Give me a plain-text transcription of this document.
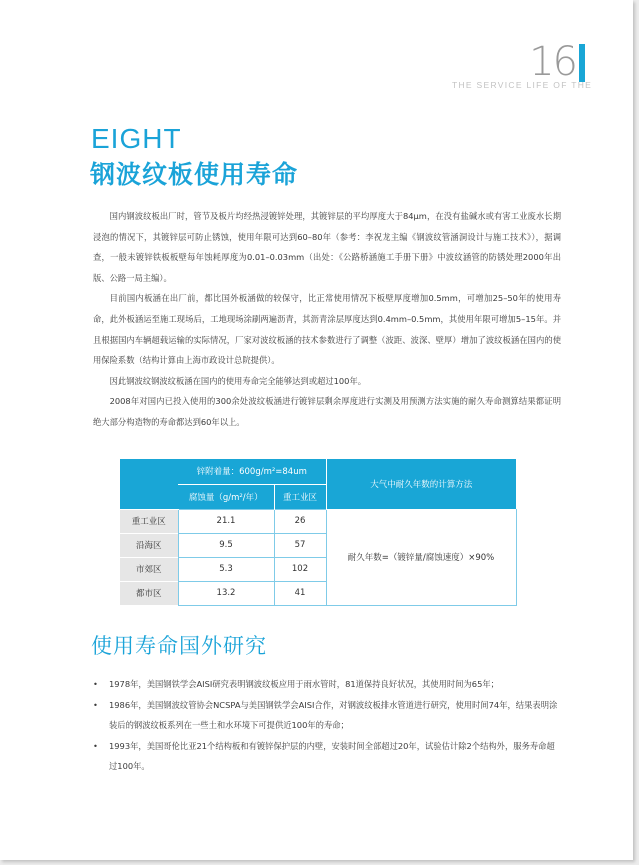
16
THE SERVICE LIFE OF THE
EIGHT
钢波纹板使用寿命

国内钢波纹板出厂时，管节及板片均经热浸镀锌处理，其镀锌层的平均厚度大于84μm，在没有盐碱水或有害工业废水长期浸泡的情况下，其镀锌层可防止锈蚀，使用年限可达到60–80年（参考：李祝龙主编《钢波纹管涵洞设计与施工技术》），据调查，一般未镀锌铁板板壁每年蚀耗厚度为0.01–0.03mm（出处：《公路桥涵施工手册下册》中波纹涵管的防锈处理2000年出版、公路一局主编）。

目前国内板涵在出厂前，都比国外板涵做的较保守，比正常使用情况下板壁厚度增加0.5mm，可增加25–50年的使用寿命，此外板涵运至施工现场后，工地现场涂刷两遍沥青，其沥青涂层厚度达到0.4mm–0.5mm，其使用年限可增加5–15年。并且根据国内车辆超载运输的实际情况，厂家对波纹板涵的技术参数进行了调整（波距、波深、壁厚）增加了波纹板涵在国内的使用保险系数（结构计算由上海市政设计总院提供）。

因此钢波纹钢波纹板涵在国内的使用寿命完全能够达到或超过100年。

2008年对国内已投入使用的300余处波纹板涵进行镀锌层剩余厚度进行实测及用预测方法实施的耐久寿命测算结果都证明绝大部分构造物的寿命都达到60年以上。

	锌附着量：600g/m²=84um		大气中耐久年数的计算方法
	腐蚀量（g/m²/年）	重工业区	
重工业区	21.1	26	耐久年数=（镀锌量/腐蚀速度）×90%
沿海区	9.5	57	
市郊区	5.3	102	
都市区	13.2	41	
使用寿命国外研究
•	1978年，美国钢铁学会AISI研究表明钢波纹板应用于雨水管时，81道保持良好状况，其使用时间为65年；
•	1986年，美国钢波纹管协会NCSPA与美国钢铁学会AISI合作，对钢波纹板排水管道进行研究，使用时间74年，结果表明涂装后的钢波纹板系列在一些土和水环境下可提供近100年的寿命；
•	1993年，美国哥伦比亚21个结构板和有镀锌保护层的内壁，安装时间全部超过20年，试验估计除2个结构外，服务寿命超过100年。
